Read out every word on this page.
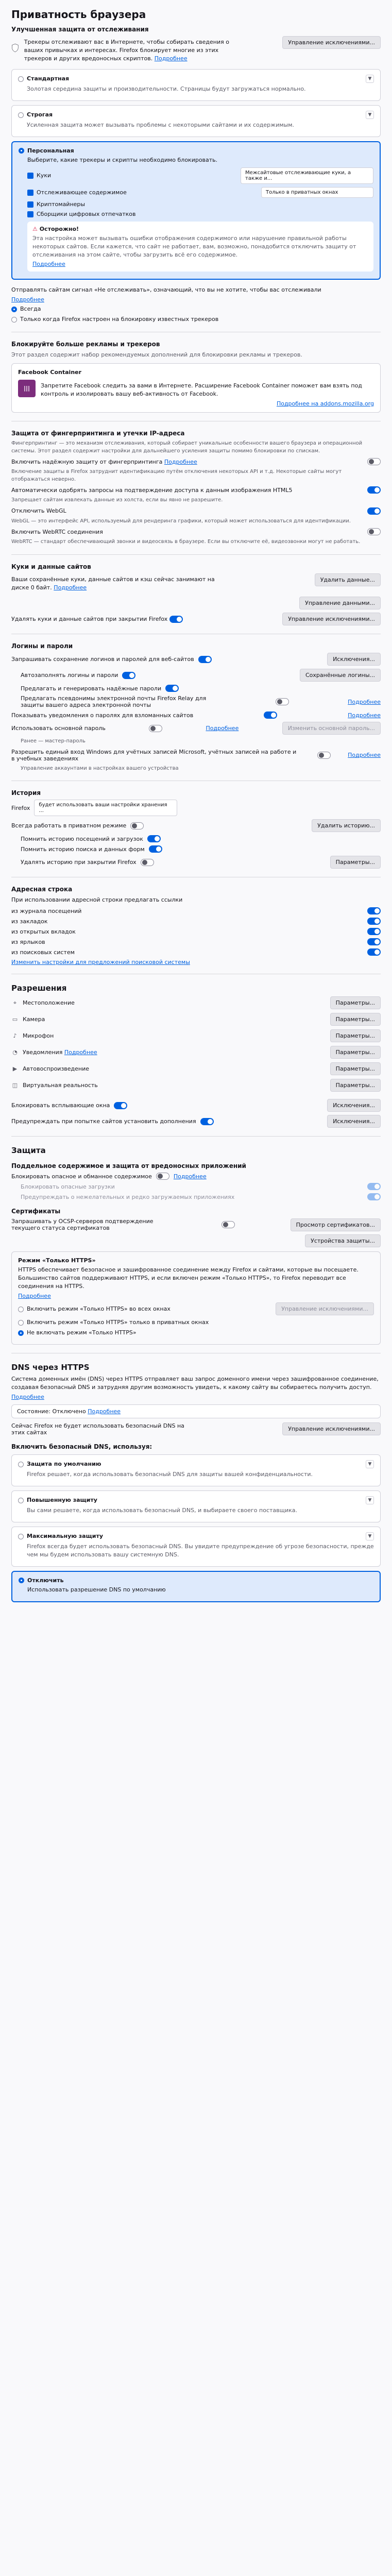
Приватность браузера
Улучшенная защита от отслеживания
Трекеры отслеживают вас в Интернете, чтобы собирать сведения о ваших привычках и интересах. Firefox блокирует многие из этих трекеров и других вредоносных скриптов. Подробнее
Управление исключениями...
Стандартная	▼
Золотая середина защиты и производительности. Страницы будут загружаться нормально.
Строгая	▼
Усиленная защита может вызывать проблемы с некоторыми сайтами и их содержимым.
Персональная
Выберите, какие трекеры и скрипты необходимо блокировать.
Куки	Межсайтовые отслеживающие куки, а также и...
Отслеживающее содержимое	Только в приватных окнах
Криптомайнеры
Сборщики цифровых отпечатков
⚠ Осторожно!
Эта настройка может вызывать ошибки отображения содержимого или нарушение правильной работы некоторых сайтов. Если кажется, что сайт не работает, вам, возможно, понадобится отключить защиту от отслеживания на этом сайте, чтобы загрузить всё его содержимое.
Подробнее
Отправлять сайтам сигнал «Не отслеживать», означающий, что вы не хотите, чтобы вас отслеживали
Подробнее
Всегда
Только когда Firefox настроен на блокировку известных трекеров
Блокируйте больше рекламы и трекеров
Этот раздел содержит набор рекомендуемых дополнений для блокировки рекламы и трекеров.
Facebook Container
|||	Запретите Facebook следить за вами в Интернете. Расширение Facebook Container поможет вам взять под контроль и изолировать вашу веб-активность от Facebook.
Подробнее на addons.mozilla.org
Защита от фингерпринтинга и утечки IP-адреса
Фингерпринтинг — это механизм отслеживания, который собирает уникальные особенности вашего браузера и операционной системы. Этот раздел содержит настройки для дальнейшего усиления защиты помимо блокировки по спискам.
Включить надёжную защиту от фингерпринтинга Подробнее
Включение защиты в Firefox затруднит идентификацию путём отключения некоторых API и т.д. Некоторые сайты могут отображаться неверно.
Автоматически одобрять запросы на подтверждение доступа к данным изображения HTML5
Запрещает сайтам извлекать данные из холста, если вы явно не разрешите.
Отключить WebGL
WebGL — это интерфейс API, используемый для рендеринга графики, который может использоваться для идентификации.
Включить WebRTC соединения
WebRTC — стандарт обеспечивающий звонки и видеосвязь в браузере. Если вы отключите её, видеозвонки могут не работать.
Куки и данные сайтов
Ваши сохранённые куки, данные сайтов и кэш сейчас занимают на диске 0 байт. Подробнее
Удалить данные...
Управление данными...
Удалять куки и данные сайтов при закрытии Firefox	Управление исключениями...
Логины и пароли
Запрашивать сохранение логинов и паролей для веб-сайтов	Исключения...
Автозаполнять логины и пароли	Сохранённые логины...
Предлагать и генерировать надёжные пароли
Предлагать псевдонимы электронной почты Firefox Relay для защиты вашего адреса электронной почты	Подробнее
Показывать уведомления о паролях для взломанных сайтов	Подробнее
Использовать основной пароль	Подробнее	Изменить основной пароль...
Ранее — мастер-пароль
Разрешить единый вход Windows для учётных записей Microsoft, учётных записей на работе и в учебных заведениях	Подробнее
Управление аккаунтами в настройках вашего устройства
История
Firefox	будет использовать ваши настройки хранения ...
Всегда работать в приватном режиме	Удалить историю...
Помнить историю посещений и загрузок
Помнить историю поиска и данных форм
Удалять историю при закрытии Firefox	Параметры...
Адресная строка
При использовании адресной строки предлагать ссылки
из журнала посещений
из закладок
из открытых вкладок
из ярлыков
из поисковых систем
Изменить настройки для предложений поисковой системы
Разрешения
⌖ Местоположение	Параметры...
▭ Камера	Параметры...
♪ Микрофон	Параметры...
◔ Уведомления Подробнее	Параметры...
▶ Автовоспроизведение	Параметры...
◫ Виртуальная реальность	Параметры...
Блокировать всплывающие окна	Исключения...
Предупреждать при попытке сайтов установить дополнения	Исключения...
Защита
Поддельное содержимое и защита от вредоносных приложений
Блокировать опасное и обманное содержимое	Подробнее
Блокировать опасные загрузки
Предупреждать о нежелательных и редко загружаемых приложениях
Сертификаты
Запрашивать у OCSP-серверов подтверждение текущего статуса сертификатов	Просмотр сертификатов...
Устройства защиты...
Режим «Только HTTPS»
HTTPS обеспечивает безопасное и зашифрованное соединение между Firefox и сайтами, которые вы посещаете. Большинство сайтов поддерживают HTTPS, и если включен режим «Только HTTPS», то Firefox переводит все соединения на HTTPS.
Подробнее
Включить режим «Только HTTPS» во всех окнах	Управление исключениями...
Включить режим «Только HTTPS» только в приватных окнах
Не включать режим «Только HTTPS»
DNS через HTTPS
Система доменных имён (DNS) через HTTPS отправляет ваш запрос доменного имени через зашифрованное соединение, создавая безопасный DNS и затрудняя другим возможность увидеть, к какому сайту вы собираетесь получить доступ.
Подробнее
Состояние: Отключено Подробнее
Сейчас Firefox не будет использовать безопасный DNS на этих сайтах	Управление исключениями...
Включить безопасный DNS, используя:
Защита по умолчанию	▼
Firefox решает, когда использовать безопасный DNS для защиты вашей конфиденциальности.
Повышенную защиту	▼
Вы сами решаете, когда использовать безопасный DNS, и выбираете своего поставщика.
Максимальную защиту	▼
Firefox всегда будет использовать безопасный DNS. Вы увидите предупреждение об угрозе безопасности, прежде чем мы будем использовать вашу системную DNS.
Отключить
Использовать разрешение DNS по умолчанию
